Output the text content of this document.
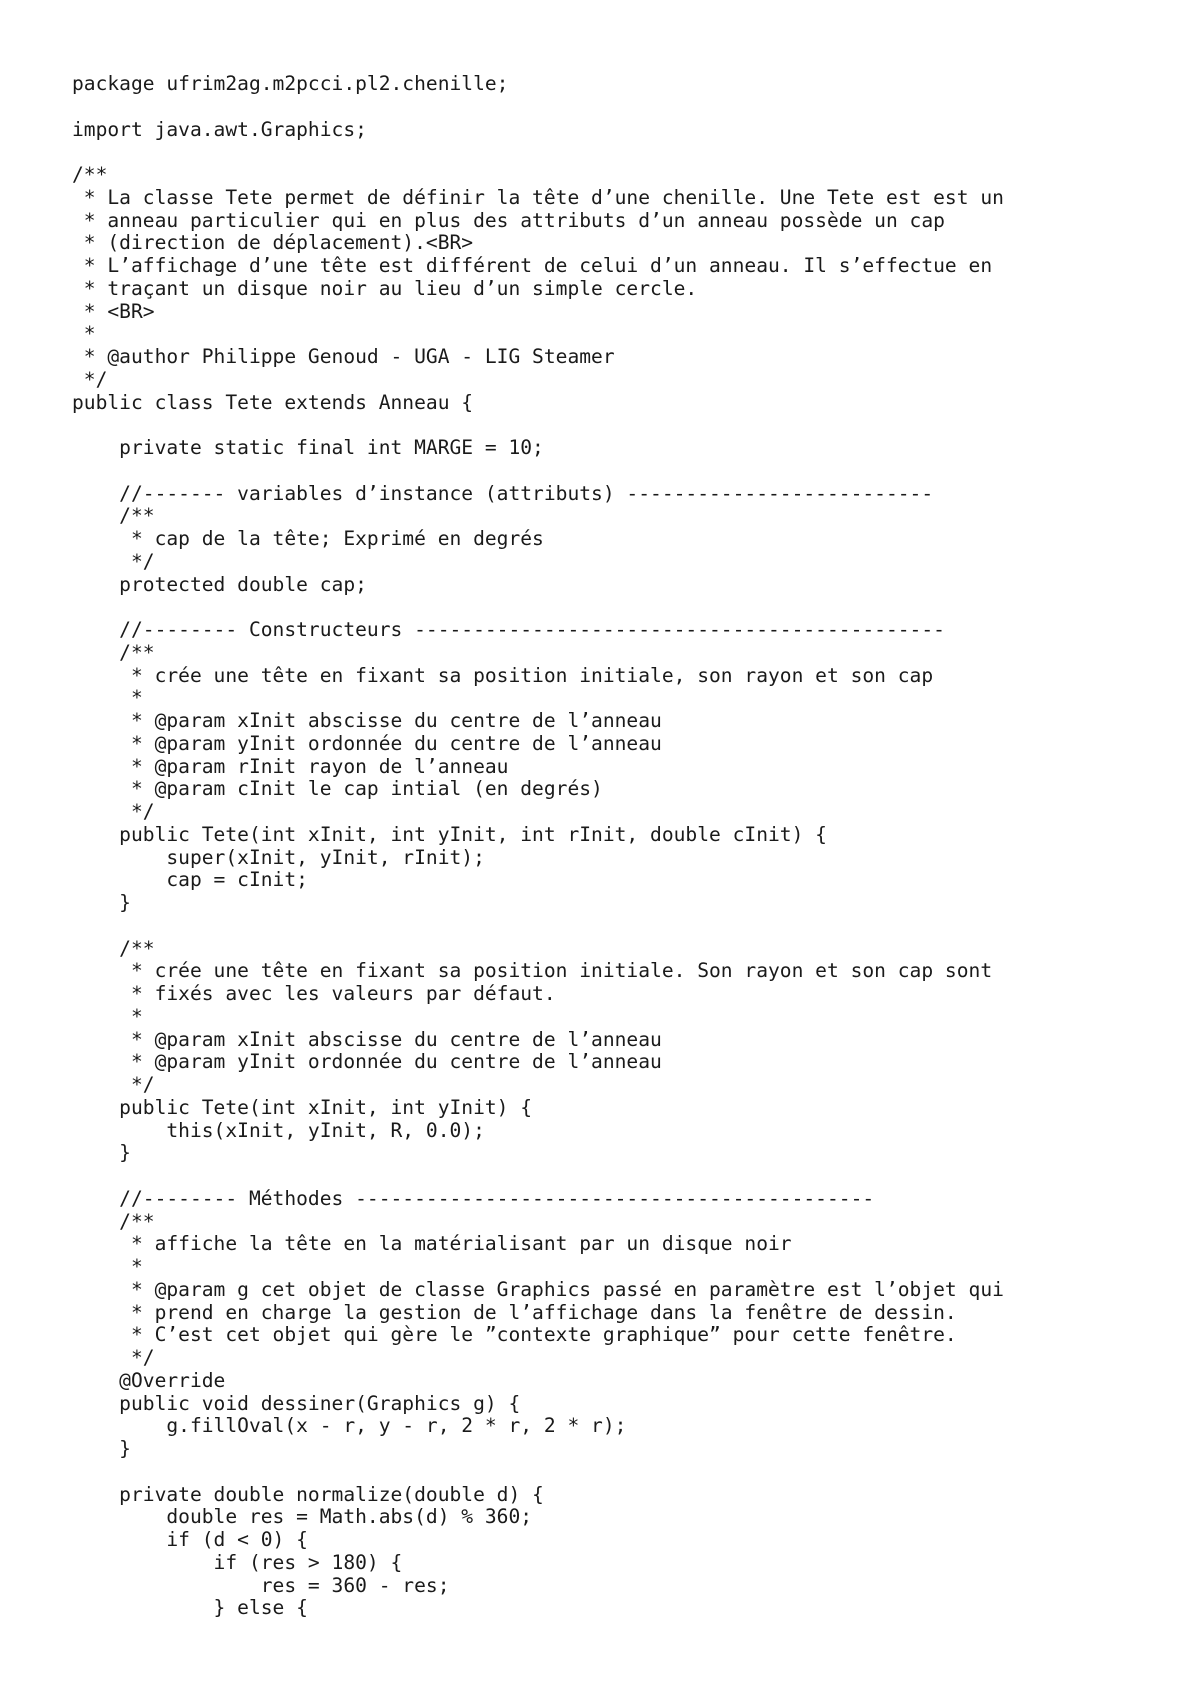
package ufrim2ag.m2pcci.pl2.chenille;
import java.awt.Graphics;
/**
* La classe Tete permet de définir la tête d’une chenille. Une Tete est est un
* anneau particulier qui en plus des attributs d’un anneau possède un cap
* (direction de déplacement).<BR>
* L’affichage d’une tête est différent de celui d’un anneau. Il s’effectue en
* traçant un disque noir au lieu d’un simple cercle.
* <BR>
*
* @author Philippe Genoud - UGA - LIG Steamer
*/
public class Tete extends Anneau {
private static final int MARGE = 10;
//------- variables d’instance (attributs) --------------------------
/**
* cap de la tête; Exprimé en degrés
*/
protected double cap;
//-------- Constructeurs ---------------------------------------------
/**
* crée une tête en fixant sa position initiale, son rayon et son cap
*
* @param xInit abscisse du centre de l’anneau
* @param yInit ordonnée du centre de l’anneau
* @param rInit rayon de l’anneau
* @param cInit le cap intial (en degrés)
*/
public Tete(int xInit, int yInit, int rInit, double cInit) {
super(xInit, yInit, rInit);
cap = cInit;
}
/**
* crée une tête en fixant sa position initiale. Son rayon et son cap sont
* fixés avec les valeurs par défaut.
*
* @param xInit abscisse du centre de l’anneau
* @param yInit ordonnée du centre de l’anneau
*/
public Tete(int xInit, int yInit) {
this(xInit, yInit, R, 0.0);
}
//-------- Méthodes --------------------------------------------
/**
* affiche la tête en la matérialisant par un disque noir
*
* @param g cet objet de classe Graphics passé en paramètre est l’objet qui
* prend en charge la gestion de l’affichage dans la fenêtre de dessin.
* C’est cet objet qui gère le ”contexte graphique” pour cette fenêtre.
*/
@Override
public void dessiner(Graphics g) {
g.fillOval(x - r, y - r, 2 * r, 2 * r);
}
private double normalize(double d) {
double res = Math.abs(d) % 360;
if (d < 0) {
if (res > 180) {
res = 360 - res;
} else {
